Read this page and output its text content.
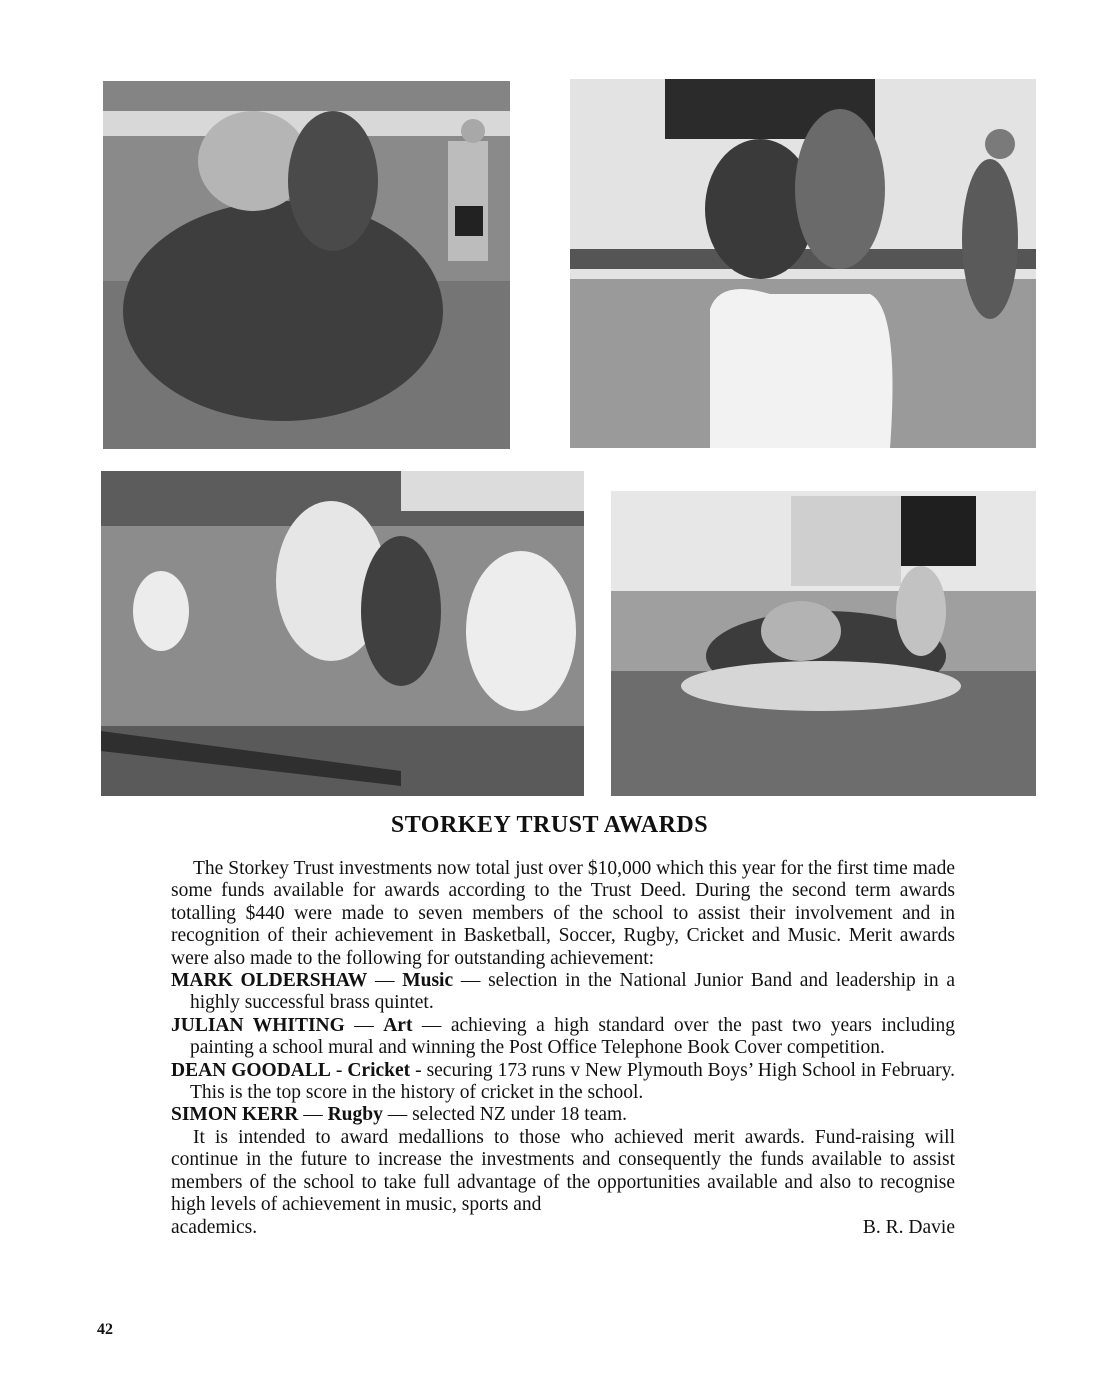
STORKEY TRUST AWARDS

The Storkey Trust investments now total just over $10,000 which this year for the first time made some funds available for awards according to the Trust Deed. During the second term awards totalling $440 were made to seven members of the school to assist their involvement and in recognition of their achievement in Basketball, Soccer, Rugby, Cricket and Music. Merit awards were also made to the following for outstanding achievement:

MARK OLDERSHAW — Music — selection in the National Junior Band and leadership in a highly successful brass quintet.

JULIAN WHITING — Art — achieving a high standard over the past two years including painting a school mural and winning the Post Office Telephone Book Cover competition.

DEAN GOODALL - Cricket - securing 173 runs v New Plymouth Boys’ High School in February. This is the top score in the history of cricket in the school.

SIMON KERR — Rugby — selected NZ under 18 team.

It is intended to award medallions to those who achieved merit awards. Fund-raising will continue in the future to increase the investments and consequently the funds available to assist members of the school to take full advantage of the opportunities available and also to recognise high levels of achievement in music, sports and

academics.	B. R. Davie
42
